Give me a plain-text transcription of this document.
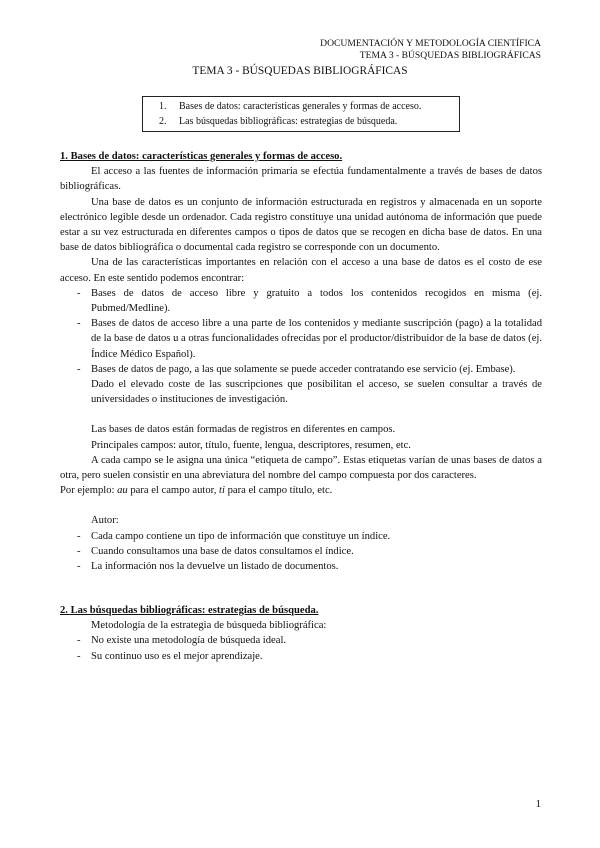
DOCUMENTACIÓN Y METODOLOGÍA CIENTÍFICA
TEMA 3 - BÚSQUEDAS BIBLIOGRÁFICAS
TEMA 3 - BÚSQUEDAS BIBLIOGRÁFICAS
1. Bases de datos: características generales y formas de acceso.
2. Las búsquedas bibliográficas: estrategias de búsqueda.

1. Bases de datos: características generales y formas de acceso.

El acceso a las fuentes de información primaria se efectúa fundamentalmente a través de bases de datos bibliográficas.

Una base de datos es un conjunto de información estructurada en registros y almacenada en un soporte electrónico legible desde un ordenador. Cada registro constituye una unidad autónoma de información que puede estar a su vez estructurada en diferentes campos o tipos de datos que se recogen en dicha base de datos. En una base de datos bibliográfica o documental cada registro se corresponde con un documento.

Una de las características importantes en relación con el acceso a una base de datos es el costo de ese acceso. En este sentido podemos encontrar:

- Bases de datos de acceso libre y gratuito a todos los contenidos recogidos en misma (ej. Pubmed/Medline).
- Bases de datos de acceso libre a una parte de los contenidos y mediante suscripción (pago) a la totalidad de la base de datos u a otras funcionalidades ofrecidas por el productor/distribuidor de la base de datos (ej. Índice Médico Español).
- Bases de datos de pago, a las que solamente se puede acceder contratando ese servicio (ej. Embase).

Dado el elevado coste de las suscripciones que posibilitan el acceso, se suelen consultar a través de universidades o instituciones de investigación.

Las bases de datos están formadas de registros en diferentes en campos.

Principales campos: autor, título, fuente, lengua, descriptores, resumen, etc.

A cada campo se le asigna una única “etiqueta de campo”. Estas etiquetas varían de unas bases de datos a otra, pero suelen consistir en una abreviatura del nombre del campo compuesta por dos caracteres.

Por ejemplo: au para el campo autor, ti para el campo título, etc.

Autor:

- Cada campo contiene un tipo de información que constituye un índice.
- Cuando consultamos una base de datos consultamos el índice.
- La información nos la devuelve un listado de documentos.

2. Las búsquedas bibliográficas: estrategias de búsqueda.

Metodología de la estrategia de búsqueda bibliográfica:

- No existe una metodología de búsqueda ideal.
- Su continuo uso es el mejor aprendizaje.
1
